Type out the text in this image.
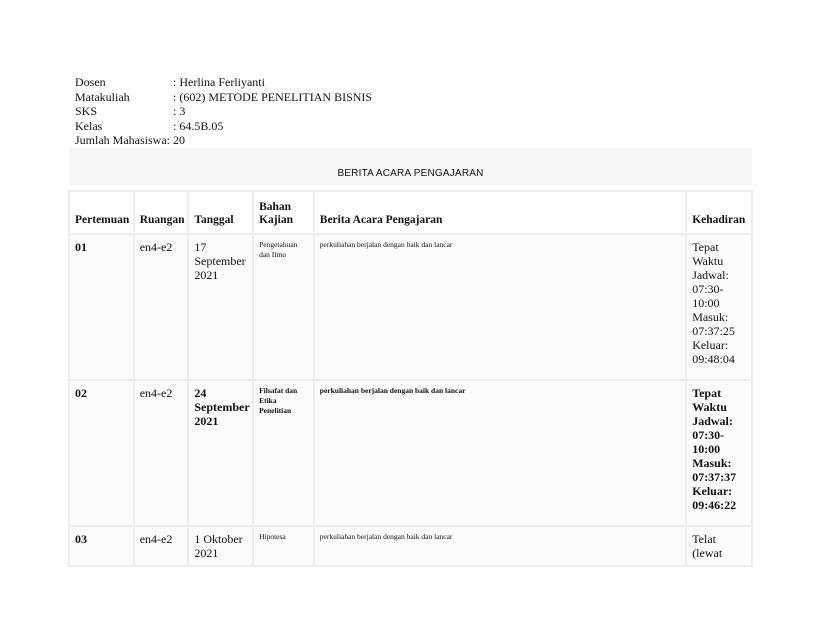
Dosen	: Herlina Ferliyanti
Matakuliah	: (602) METODE PENELITIAN BISNIS
SKS	: 3
Kelas	: 64.5B.05
Jumlah Mahasiswa : 20
BERITA ACARA PENGAJARAN
Pertemuan	Ruangan	Tanggal	Bahan Kajian	Berita Acara Pengajaran	Kehadiran
01	en4-e2	17 September 2021	Pengetahuan dan Ilmu	perkuliahan berjalan dengan baik dan lancar	Tepat Waktu Jadwal: 07:30-10:00 Masuk: 07:37:25 Keluar: 09:48:04
02	en4-e2	24 September 2021	Filsafat dan Etika Penelitian	perkuliahan berjalan dengan baik dan lancar	Tepat Waktu Jadwal: 07:30-10:00 Masuk: 07:37:37 Keluar: 09:46:22
03	en4-e2	1 Oktober 2021	Hipotesa	perkuliahan berjalan dengan baik dan lancar	Telat (lewat
